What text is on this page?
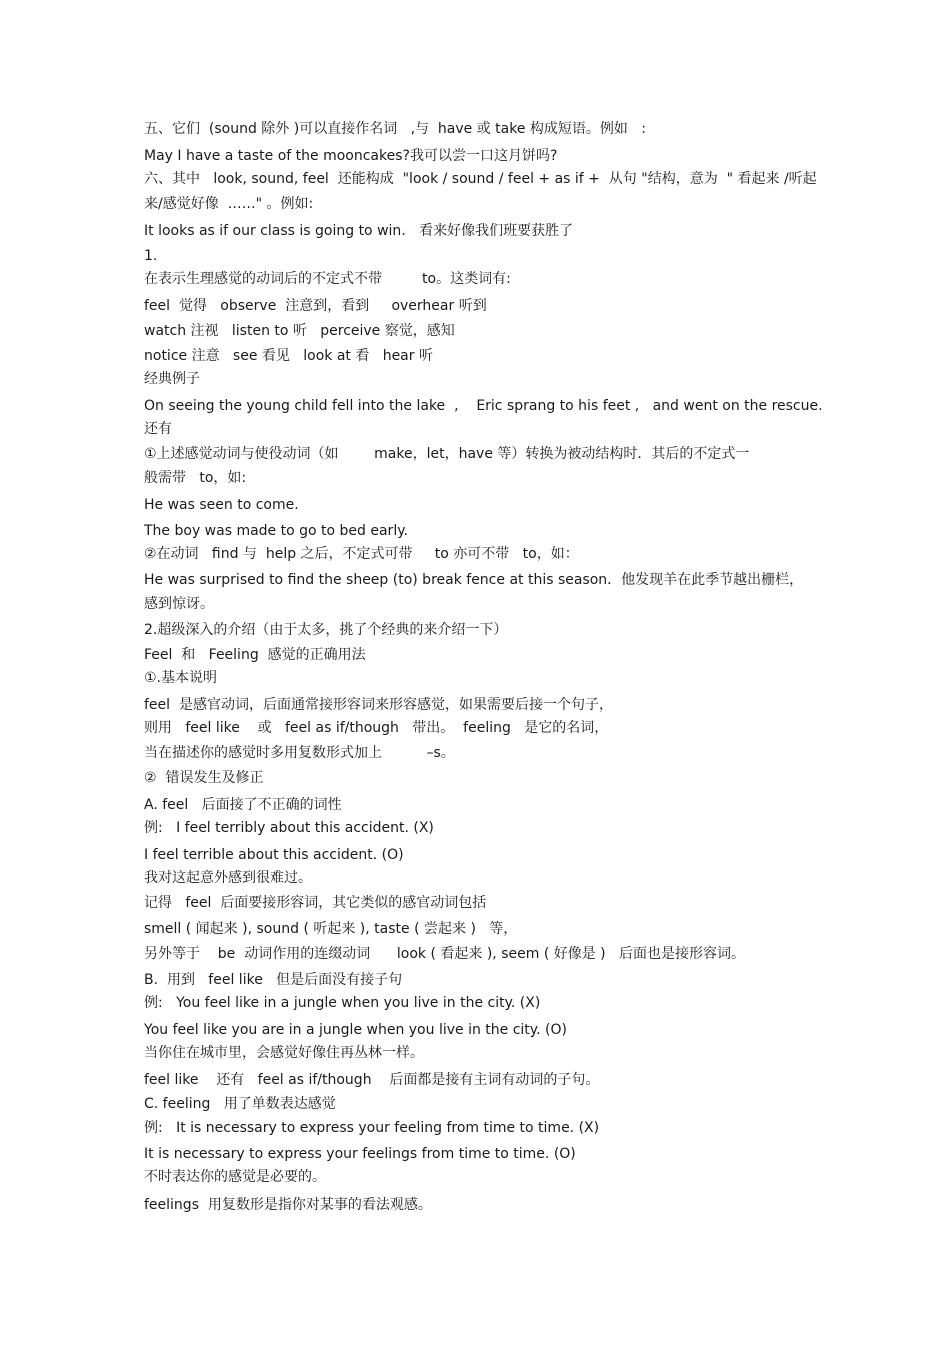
五、它们  (sound 除外 )可以直接作名词   ,与  have 或 take 构成短语。例如   :

May I have a taste of the mooncakes?我可以尝一口这月饼吗?

六、其中   look, sound, feel  还能构成  "look / sound / feel + as if +  从句 "结构，意为  " 看起来 /听起

来/感觉好像  ……" 。例如:

It looks as if our class is going to win.   看来好像我们班要获胜了

1.

在表示生理感觉的动词后的不定式不带         to。这类词有:

feel  觉得   observe  注意到，看到     overhear 听到

watch 注视   listen to 听   perceive 察觉，感知

notice 注意   see 看见   look at 看   hear 听

经典例子

On seeing the young child fell into the lake  ,    Eric sprang to his feet ,   and went on the rescue.

还有

①上述感觉动词与使役动词（如        make，let，have 等）转换为被动结构时．其后的不定式一

般需带   to，如:

He was seen to come.

The boy was made to go to bed early.

②在动词   find 与  help 之后，不定式可带     to 亦可不带   to，如：

He was surprised to find the sheep (to) break fence at this season．他发现羊在此季节越出栅栏，

感到惊讶。

2.超级深入的介绍（由于太多，挑了个经典的来介绍一下）

Feel  和   Feeling  感觉的正确用法

①.基本说明

feel  是感官动词，后面通常接形容词来形容感觉，如果需要后接一个句子，

则用   feel like    或   feel as if/though   带出。  feeling   是它的名词，

当在描述你的感觉时多用复数形式加上          –s。

②  错误发生及修正

A. feel   后面接了不正确的词性

例:   I feel terribly about this accident. (X)

I feel terrible about this accident. (O)

我对这起意外感到很难过。

记得   feel  后面要接形容词，其它类似的感官动词包括

smell ( 闻起来 ), sound ( 听起来 ), taste ( 尝起来 )   等，

另外等于    be  动词作用的连缀动词      look ( 看起来 ), seem ( 好像是 )   后面也是接形容词。

B.  用到   feel like   但是后面没有接子句

例:   You feel like in a jungle when you live in the city. (X)

You feel like you are in a jungle when you live in the city. (O)

当你住在城市里，会感觉好像住再丛林一样。

feel like    还有   feel as if/though    后面都是接有主词有动词的子句。

C. feeling   用了单数表达感觉

例:   It is necessary to express your feeling from time to time. (X)

It is necessary to express your feelings from time to time. (O)

不时表达你的感觉是必要的。

feelings  用复数形是指你对某事的看法观感。
